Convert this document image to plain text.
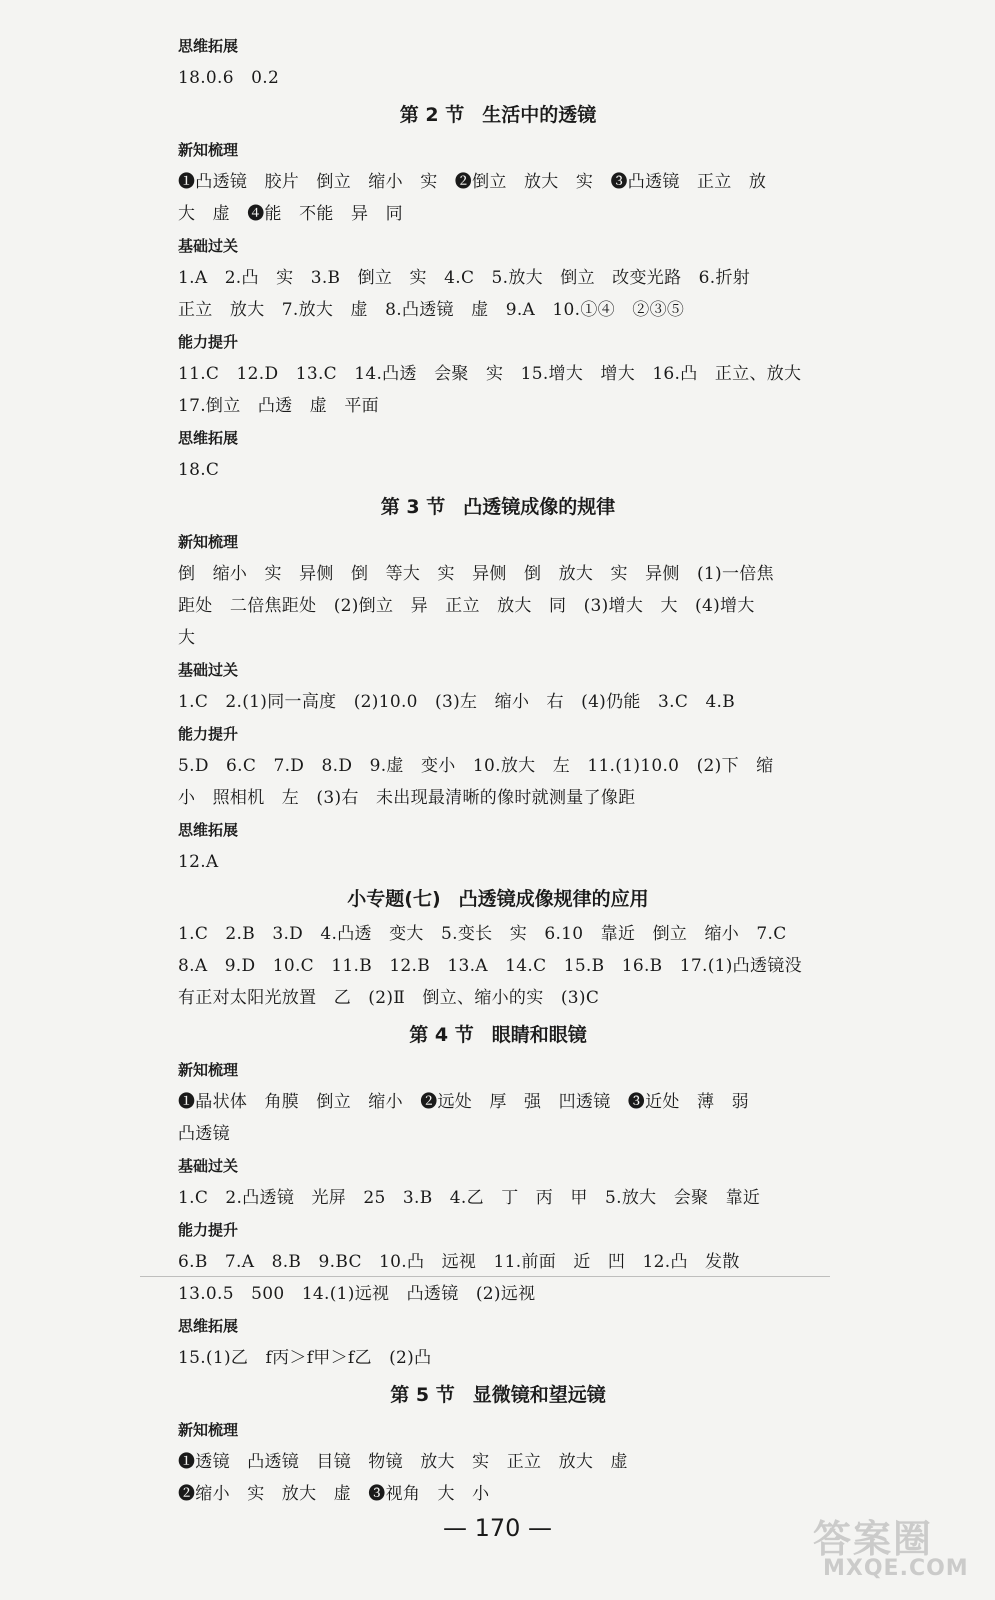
思维拓展
18.0.6　0.2
第 2 节 生活中的透镜
新知梳理
❶凸透镜　胶片　倒立　缩小　实　❷倒立　放大　实　❸凸透镜　正立　放
大　虚　❹能　不能　异　同
基础过关
1.A　2.凸　实　3.B　倒立　实　4.C　5.放大　倒立　改变光路　6.折射
正立　放大　7.放大　虚　8.凸透镜　虚　9.A　10.①④　②③⑤
能力提升
11.C　12.D　13.C　14.凸透　会聚　实　15.增大　增大　16.凸　正立、放大
17.倒立　凸透　虚　平面
思维拓展
18.C
第 3 节 凸透镜成像的规律
新知梳理
倒　缩小　实　异侧　倒　等大　实　异侧　倒　放大　实　异侧　(1)一倍焦
距处　二倍焦距处　(2)倒立　异　正立　放大　同　(3)增大　大　(4)增大
大
基础过关
1.C　2.(1)同一高度　(2)10.0　(3)左　缩小　右　(4)仍能　3.C　4.B
能力提升
5.D　6.C　7.D　8.D　9.虚　变小　10.放大　左　11.(1)10.0　(2)下　缩
小　照相机　左　(3)右　未出现最清晰的像时就测量了像距
思维拓展
12.A
小专题(七) 凸透镜成像规律的应用
1.C　2.B　3.D　4.凸透　变大　5.变长　实　6.10　靠近　倒立　缩小　7.C
8.A　9.D　10.C　11.B　12.B　13.A　14.C　15.B　16.B　17.(1)凸透镜没
有正对太阳光放置　乙　(2)Ⅱ　倒立、缩小的实　(3)C
第 4 节 眼睛和眼镜
新知梳理
❶晶状体　角膜　倒立　缩小　❷远处　厚　强　凹透镜　❸近处　薄　弱
凸透镜
基础过关
1.C　2.凸透镜　光屏　25　3.B　4.乙　丁　丙　甲　5.放大　会聚　靠近
能力提升
6.B　7.A　8.B　9.BC　10.凸　远视　11.前面　近　凹　12.凸　发散
13.0.5　500　14.(1)远视　凸透镜　(2)远视
思维拓展
15.(1)乙　f丙＞f甲＞f乙　(2)凸
第 5 节 显微镜和望远镜
新知梳理
❶透镜　凸透镜　目镜　物镜　放大　实　正立　放大　虚
❷缩小　实　放大　虚　❸视角　大　小
— 170 —	答案圈
MXQE.COM
